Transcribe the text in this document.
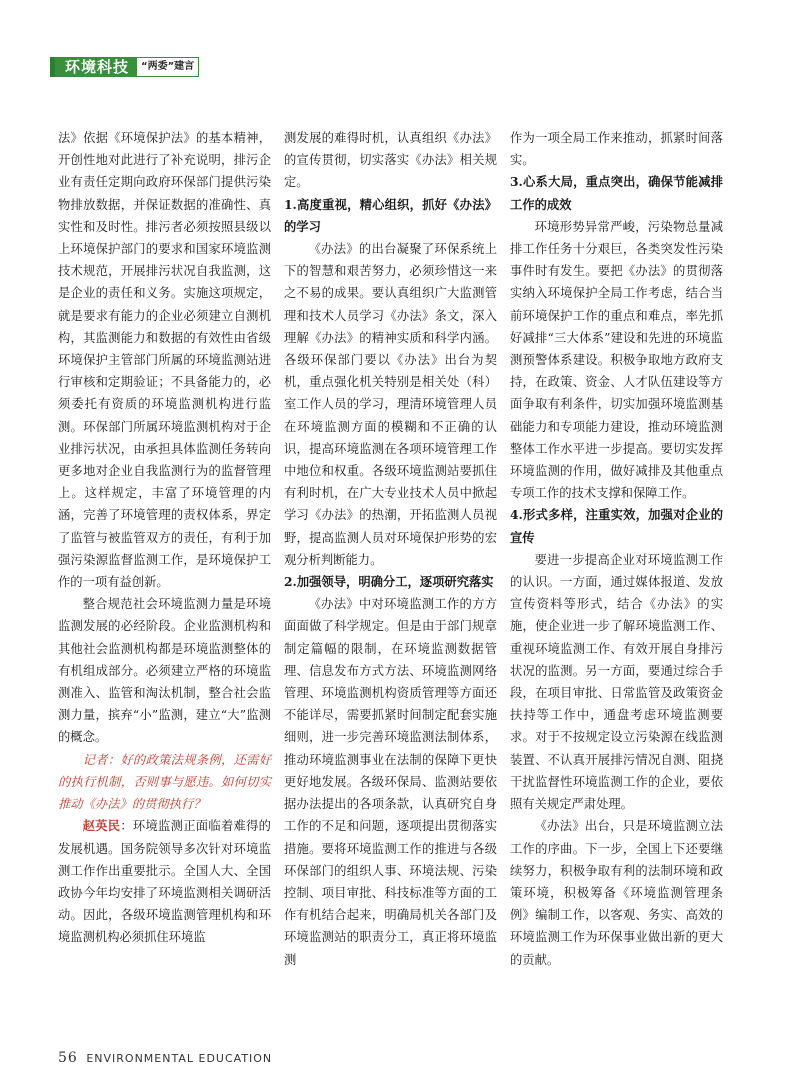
环境科技	“两委”建言

法》依据《环境保护法》的基本精神，开创性地对此进行了补充说明，排污企业有责任定期向政府环保部门提供污染物排放数据，并保证数据的准确性、真实性和及时性。排污者必须按照县级以上环境保护部门的要求和国家环境监测技术规范，开展排污状况自我监测，这是企业的责任和义务。实施这项规定，就是要求有能力的企业必须建立自测机构，其监测能力和数据的有效性由省级环境保护主管部门所属的环境监测站进行审核和定期验证；不具备能力的，必须委托有资质的环境监测机构进行监测。环保部门所属环境监测机构对于企业排污状况，由承担具体监测任务转向更多地对企业自我监测行为的监督管理上。这样规定，丰富了环境管理的内涵，完善了环境管理的责权体系，界定了监管与被监管双方的责任，有利于加强污染源监督监测工作，是环境保护工作的一项有益创新。

整合规范社会环境监测力量是环境监测发展的必经阶段。企业监测机构和其他社会监测机构都是环境监测整体的有机组成部分。必须建立严格的环境监测准入、监管和淘汰机制，整合社会监测力量，摈弃“小”监测，建立“大”监测的概念。

记者：好的政策法规条例，还需好的执行机制，否则事与愿违。如何切实推动《办法》的贯彻执行？

赵英民：环境监测正面临着难得的发展机遇。国务院领导多次针对环境监测工作作出重要批示。全国人大、全国政协今年均安排了环境监测相关调研活动。因此，各级环境监测管理机构和环境监测机构必须抓住环境监

测发展的难得时机，认真组织《办法》的宣传贯彻，切实落实《办法》相关规定。

1.高度重视，精心组织，抓好《办法》的学习

《办法》的出台凝聚了环保系统上下的智慧和艰苦努力，必须珍惜这一来之不易的成果。要认真组织广大监测管理和技术人员学习《办法》条文，深入理解《办法》的精神实质和科学内涵。各级环保部门要以《办法》出台为契机，重点强化机关特别是相关处（科）室工作人员的学习，理清环境管理人员在环境监测方面的模糊和不正确的认识，提高环境监测在各项环境管理工作中地位和权重。各级环境监测站要抓住有利时机，在广大专业技术人员中掀起学习《办法》的热潮，开拓监测人员视野，提高监测人员对环境保护形势的宏观分析判断能力。

2.加强领导，明确分工，逐项研究落实

《办法》中对环境监测工作的方方面面做了科学规定。但是由于部门规章制定篇幅的限制，在环境监测数据管理、信息发布方式方法、环境监测网络管理、环境监测机构资质管理等方面还不能详尽，需要抓紧时间制定配套实施细则，进一步完善环境监测法制体系，推动环境监测事业在法制的保障下更快更好地发展。各级环保局、监测站要依据办法提出的各项条款，认真研究自身工作的不足和问题，逐项提出贯彻落实措施。要将环境监测工作的推进与各级环保部门的组织人事、环境法规、污染控制、项目审批、科技标准等方面的工作有机结合起来，明确局机关各部门及环境监测站的职责分工，真正将环境监测

作为一项全局工作来推动，抓紧时间落实。

3.心系大局，重点突出，确保节能减排工作的成效

环境形势异常严峻，污染物总量减排工作任务十分艰巨，各类突发性污染事件时有发生。要把《办法》的贯彻落实纳入环境保护全局工作考虑，结合当前环境保护工作的重点和难点，率先抓好减排“三大体系”建设和先进的环境监测预警体系建设。积极争取地方政府支持，在政策、资金、人才队伍建设等方面争取有利条件，切实加强环境监测基础能力和专项能力建设，推动环境监测整体工作水平进一步提高。要切实发挥环境监测的作用，做好减排及其他重点专项工作的技术支撑和保障工作。

4.形式多样，注重实效，加强对企业的宣传

要进一步提高企业对环境监测工作的认识。一方面，通过媒体报道、发放宣传资料等形式，结合《办法》的实施，使企业进一步了解环境监测工作、重视环境监测工作、有效开展自身排污状况的监测。另一方面，要通过综合手段，在项目审批、日常监管及政策资金扶持等工作中，通盘考虑环境监测要求。对于不按规定设立污染源在线监测装置、不认真开展排污情况自测、阻挠干扰监督性环境监测工作的企业，要依照有关规定严肃处理。

《办法》出台，只是环境监测立法工作的序曲。下一步，全国上下还要继续努力，积极争取有利的法制环境和政策环境，积极筹备《环境监测管理条例》编制工作，以客观、务实、高效的环境监测工作为环保事业做出新的更大的贡献。

56 ENVIRONMENTAL EDUCATION
